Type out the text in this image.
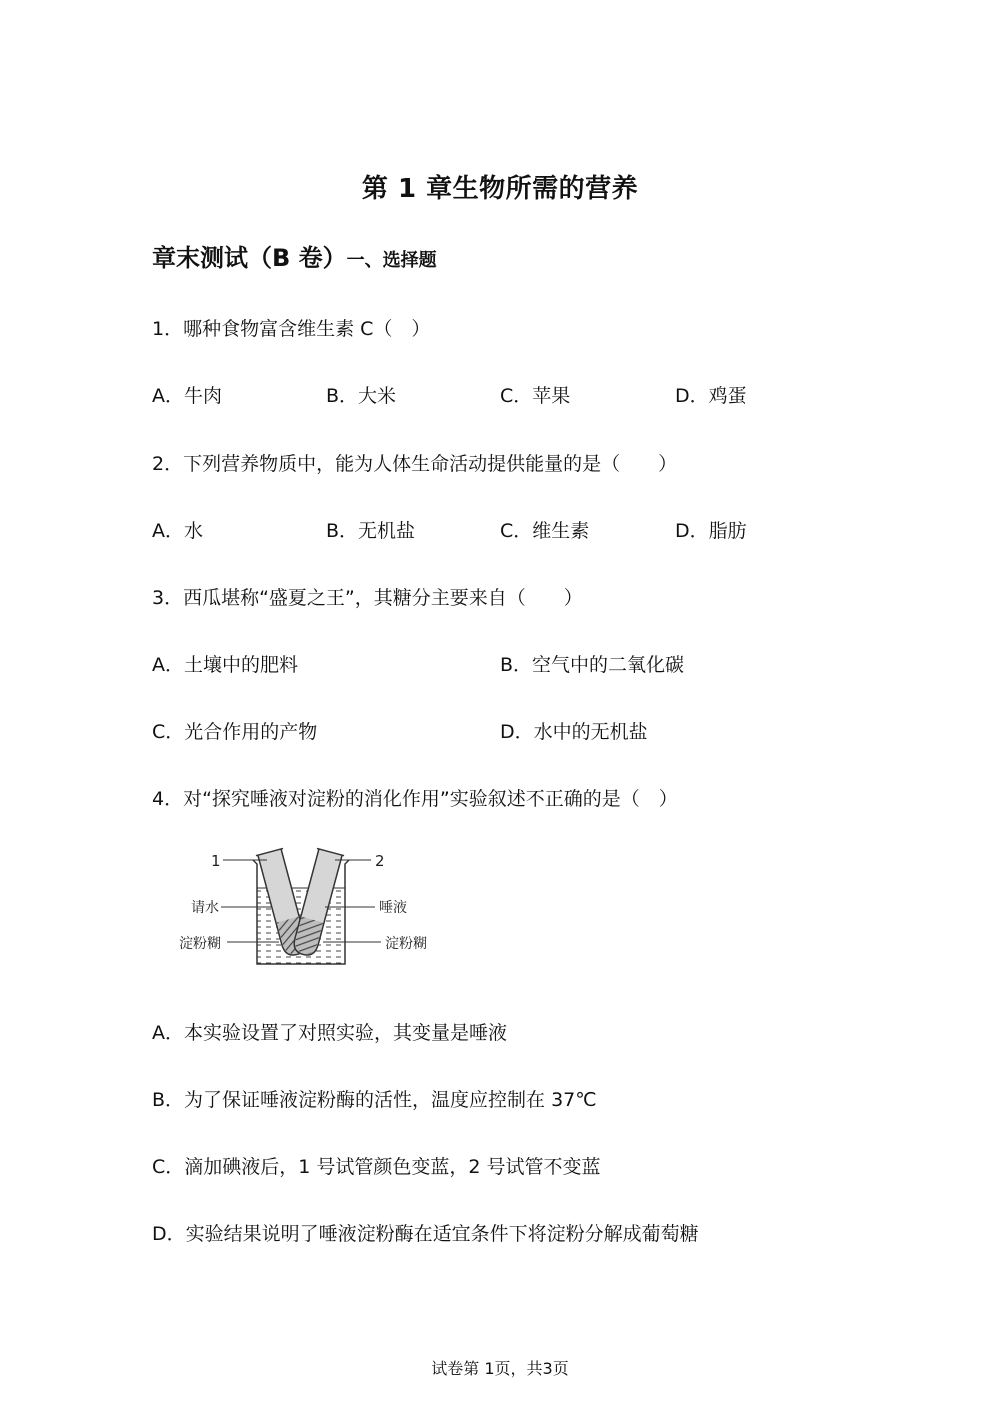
第 1 章生物所需的营养
章末测试（B 卷）一、选择题
1．哪种食物富含维生素 C（　）
A．牛肉	B．大米	C．苹果	D．鸡蛋
2．下列营养物质中，能为人体生命活动提供能量的是（　　）
A．水	B．无机盐	C．维生素	D．脂肪
3．西瓜堪称“盛夏之王”，其糖分主要来自（　　）
A．土壤中的肥料	B．空气中的二氧化碳
C．光合作用的产物	D．水中的无机盐
4．对“探究唾液对淀粉的消化作用”实验叙述不正确的是（　）
1	2
请水
淀粉糊
唾液
淀粉糊
A．本实验设置了对照实验，其变量是唾液
B．为了保证唾液淀粉酶的活性，温度应控制在 37℃
C．滴加碘液后，1 号试管颜色变蓝，2 号试管不变蓝
D．实验结果说明了唾液淀粉酶在适宜条件下将淀粉分解成葡萄糖
试卷第 1页，共3页
